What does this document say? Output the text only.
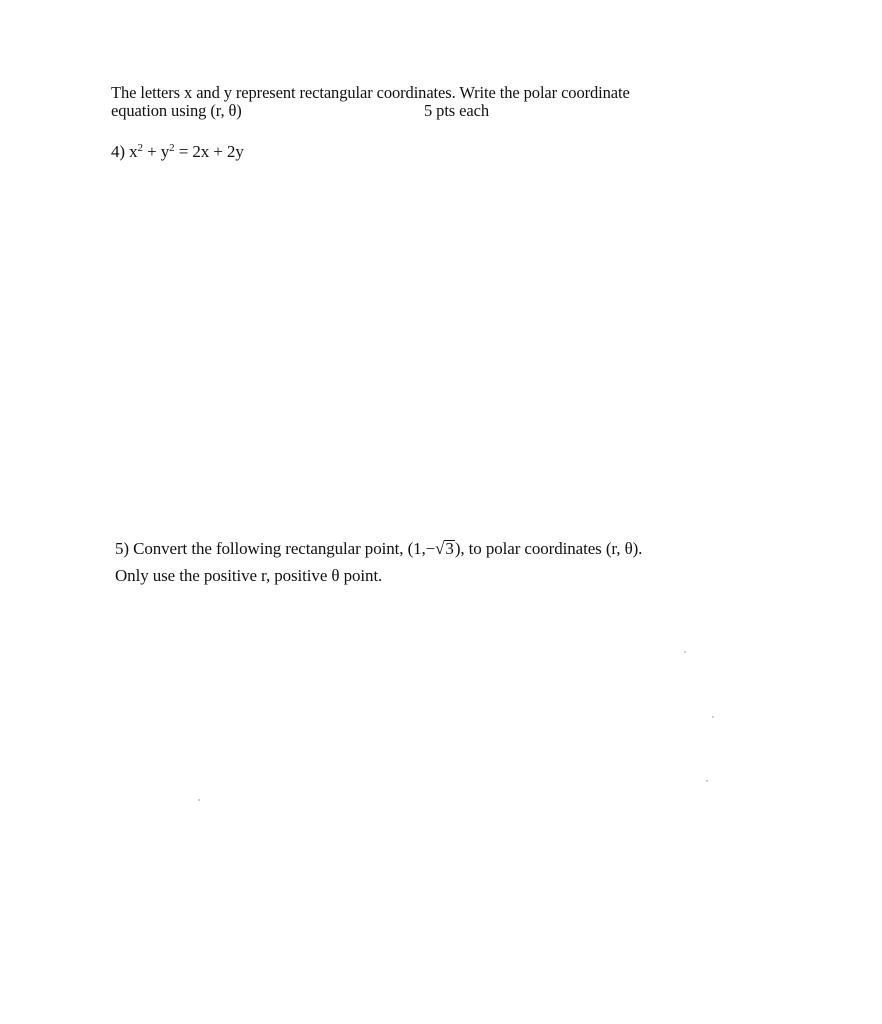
The letters x and y represent rectangular coordinates. Write the polar coordinate
equation using (r, θ)	5 pts each
4) $x^2 + y^2 = 2x + 2y$
5) Convert the following rectangular point, (1,−√3), to polar coordinates (r, θ).
Only use the positive r, positive θ point.
